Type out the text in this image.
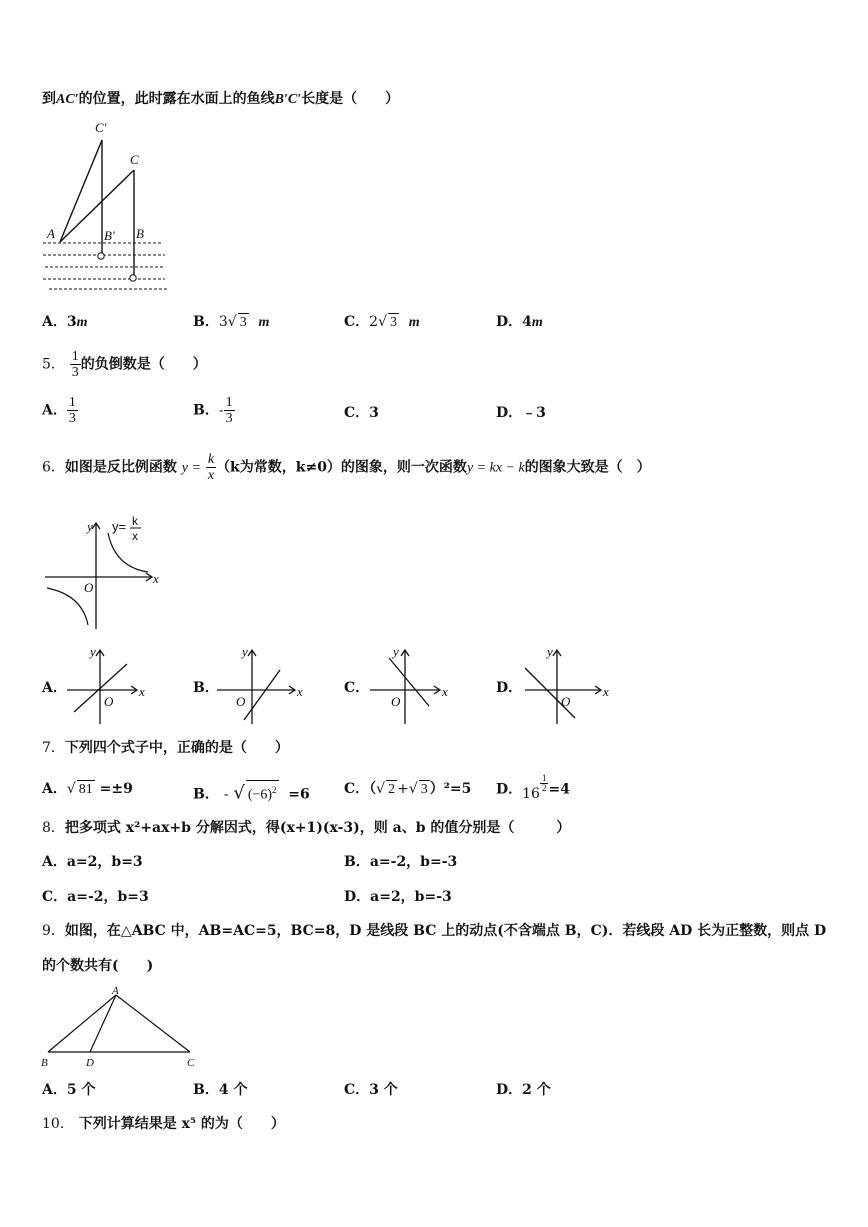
到AC′的位置，此时露在水面上的鱼线B′C′长度是（　　）
C′
C
A	B′ B
A．3m	B．3√ 3 m	C．2√ 3 m	D．4m
5． $\frac{1}{3}$ 的负倒数是（　　）
A． $\frac{1}{3}$	B．- $\frac{1}{3}$	C．3	D．﹣3
6．如图是反比例函数 $y = \frac{k}{x} (k$为常数，k≠0）的图象，则一次函数y = kx − k的图象大致是（　）
y
x
O
y= k
x
A．
y
x
O
B．
y
x
O
C．
y
x
O
D．
y
x
O
7．下列四个式子中，正确的是（　　）
A．√ 81 =±9	B． - √ $(-6)^2 =6$ C．（√ 2 +√ 3 ）²=5 D．16
$\frac{1}{2} =4$
8．把多项式 x²+ax+b 分解因式，得(x+1)(x-3)，则 a、b 的值分别是（　　　）
A．a=2，b=3	B．a=-2，b=-3
C．a=-2，b=3	D．a=2，b=-3
9．如图，在△ABC 中，AB=AC=5，BC=8，D 是线段 BC 上的动点(不含端点 B，C)．若线段 AD 长为正整数，则点 D
的个数共有(　　)
A
B	D	C
A．5 个	B．4 个	C．3 个	D．2 个
10． 下列计算结果是 x⁵ 的为（　　）
